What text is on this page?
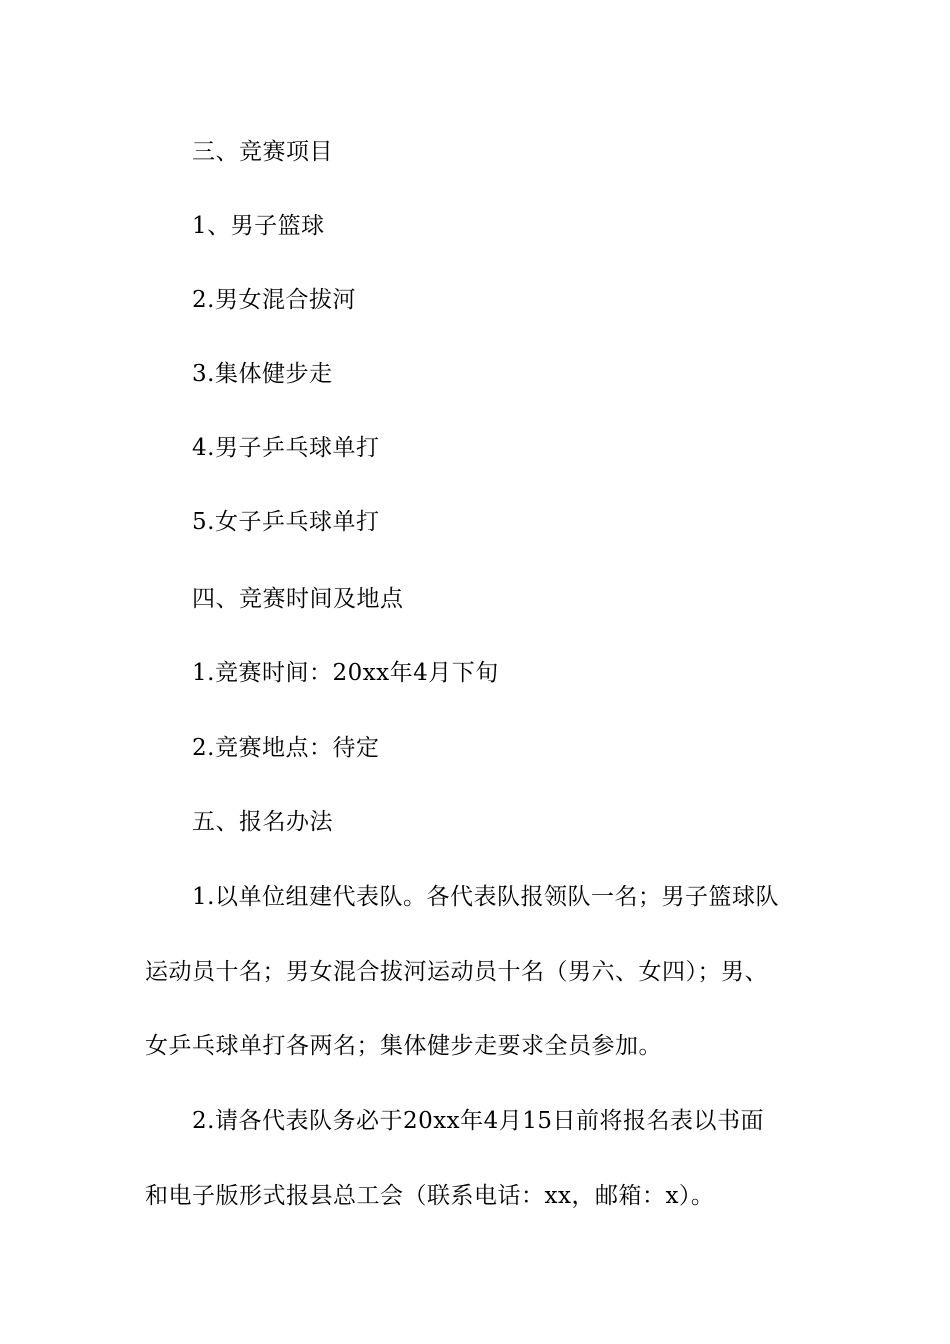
三、竞赛项目
1、男子篮球
2.男女混合拔河
3.集体健步走
4.男子乒乓球单打
5.女子乒乓球单打
四、竞赛时间及地点
1.竞赛时间：20xx年4月下旬
2.竞赛地点：待定
五、报名办法
1.以单位组建代表队。各代表队报领队一名；男子篮球队
运动员十名；男女混合拔河运动员十名（男六、女四）；男、
女乒乓球单打各两名；集体健步走要求全员参加。
2.请各代表队务必于20xx年4月15日前将报名表以书面
和电子版形式报县总工会（联系电话：xx，邮箱：x）。
